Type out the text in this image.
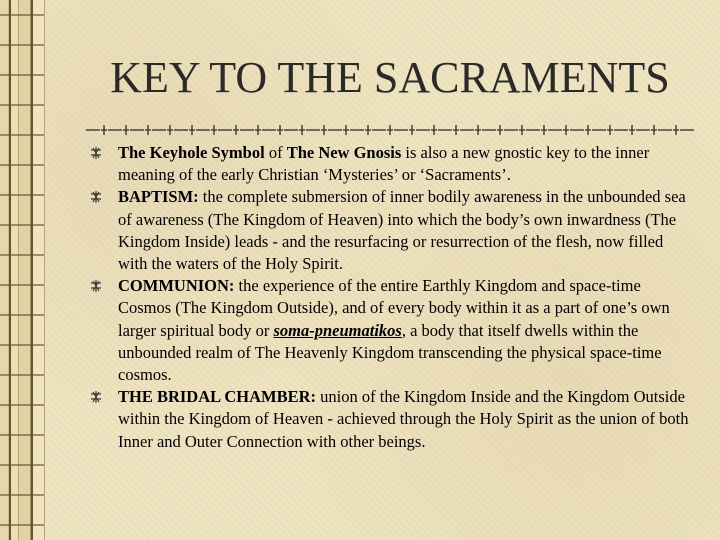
KEY TO THE SACRAMENTS
The Keyhole Symbol of The New Gnosis is also a new gnostic key to the inner meaning of the early Christian ‘Mysteries’ or ‘Sacraments’.
BAPTISM: the complete submersion of inner bodily awareness in the unbounded sea of awareness (The Kingdom of Heaven) into which the body’s own inwardness (The Kingdom Inside) leads - and the resurfacing or resurrection of the flesh, now filled with the waters of the Holy Spirit.
COMMUNION: the experience of the entire Earthly Kingdom and space-time Cosmos (The Kingdom Outside), and of every body within it as a part of one’s own larger spiritual body or soma-pneumatikos, a body that itself dwells within the unbounded realm of The Heavenly Kingdom transcending the physical space-time cosmos.
THE BRIDAL CHAMBER: union of the Kingdom Inside and the Kingdom Outside within the Kingdom of Heaven - achieved through the Holy Spirit as the union of both Inner and Outer Connection with other beings.
